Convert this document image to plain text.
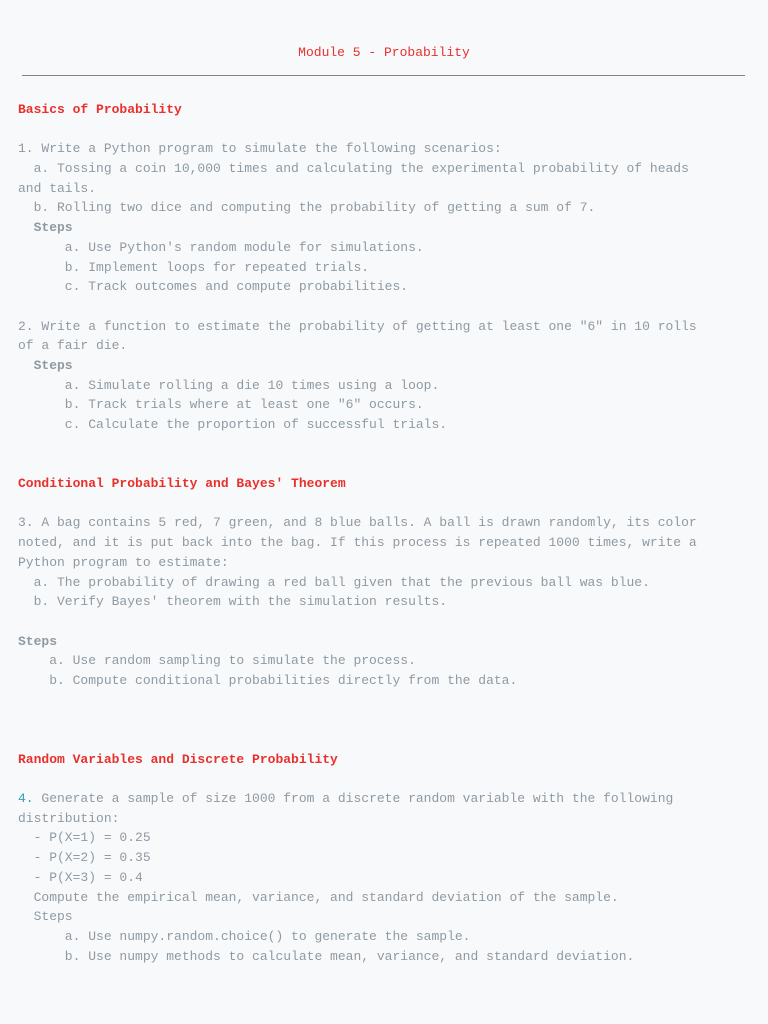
Module 5 - Probability
Basics of Probability
1. Write a Python program to simulate the following scenarios:
a. Tossing a coin 10,000 times and calculating the experimental probability of heads
and tails.
b. Rolling two dice and computing the probability of getting a sum of 7.
Steps
a. Use Python's random module for simulations.
b. Implement loops for repeated trials.
c. Track outcomes and compute probabilities.
2. Write a function to estimate the probability of getting at least one "6" in 10 rolls
of a fair die.
Steps
a. Simulate rolling a die 10 times using a loop.
b. Track trials where at least one "6" occurs.
c. Calculate the proportion of successful trials.
Conditional Probability and Bayes' Theorem
3. A bag contains 5 red, 7 green, and 8 blue balls. A ball is drawn randomly, its color
noted, and it is put back into the bag. If this process is repeated 1000 times, write a
Python program to estimate:
a. The probability of drawing a red ball given that the previous ball was blue.
b. Verify Bayes' theorem with the simulation results.
Steps
a. Use random sampling to simulate the process.
b. Compute conditional probabilities directly from the data.
Random Variables and Discrete Probability
4. Generate a sample of size 1000 from a discrete random variable with the following
distribution:
- P(X=1) = 0.25
- P(X=2) = 0.35
- P(X=3) = 0.4
Compute the empirical mean, variance, and standard deviation of the sample.
Steps
a. Use numpy.random.choice() to generate the sample.
b. Use numpy methods to calculate mean, variance, and standard deviation.
